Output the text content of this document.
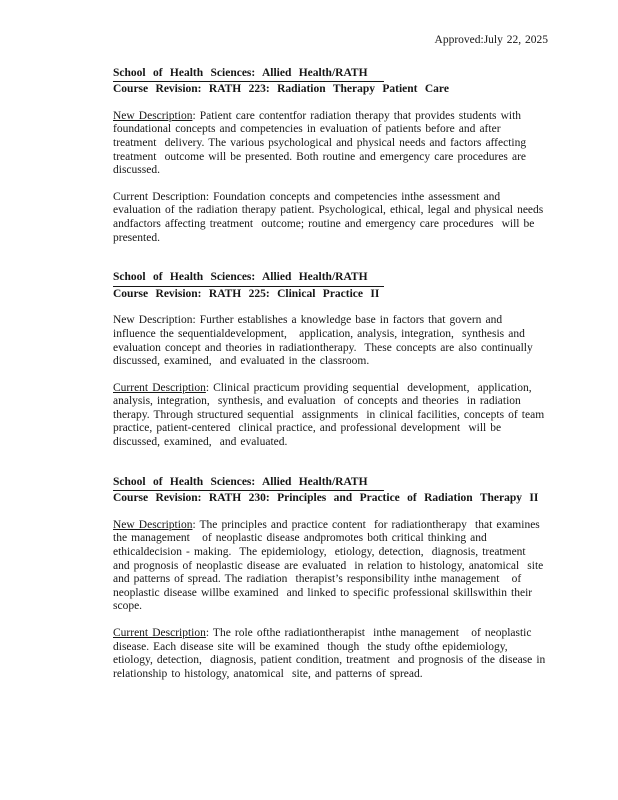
Approved:July 22, 2025
School of Health Sciences: Allied Health/RATH
Course Revision: RATH 223: Radiation Therapy Patient Care

New Description: Patient care contentfor radiation therapy that provides students with foundational concepts and competencies in evaluation of patients before and after treatment  delivery. The various psychological and physical needs and factors affecting treatment  outcome will be presented. Both routine and emergency care procedures are discussed.

Current Description: Foundation concepts and competencies inthe assessment and evaluation of the radiation therapy patient. Psychological, ethical, legal and physical needs andfactors affecting treatment  outcome; routine and emergency care procedures  will be presented.

School of Health Sciences: Allied Health/RATH
Course Revision: RATH 225: Clinical Practice II

New Description: Further establishes a knowledge base in factors that govern and influence the sequentialdevelopment,   application, analysis, integration,  synthesis and evaluation concept and theories in radiationtherapy.  These concepts are also continually discussed, examined,  and evaluated in the classroom.

Current Description: Clinical practicum providing sequential  development,  application, analysis, integration,  synthesis, and evaluation  of concepts and theories  in radiation therapy. Through structured sequential  assignments  in clinical facilities, concepts of team practice, patient-centered  clinical practice, and professional development  will be discussed, examined,  and evaluated.

School of Health Sciences: Allied Health/RATH
Course Revision: RATH 230: Principles and Practice of Radiation Therapy II

New Description: The principles and practice content  for radiationtherapy  that examines the management   of neoplastic disease andpromotes both critical thinking and ethicaldecision - making.  The epidemiology,  etiology, detection,  diagnosis, treatment  and prognosis of neoplastic disease are evaluated  in relation to histology, anatomical  site and patterns of spread. The radiation  therapist’s responsibility inthe management   of neoplastic disease willbe examined  and linked to specific professional skillswithin their scope.

Current Description: The role ofthe radiationtherapist  inthe management   of neoplastic disease. Each disease site will be examined  though  the study ofthe epidemiology, etiology, detection,  diagnosis, patient condition, treatment  and prognosis of the disease in relationship to histology, anatomical  site, and patterns of spread.
